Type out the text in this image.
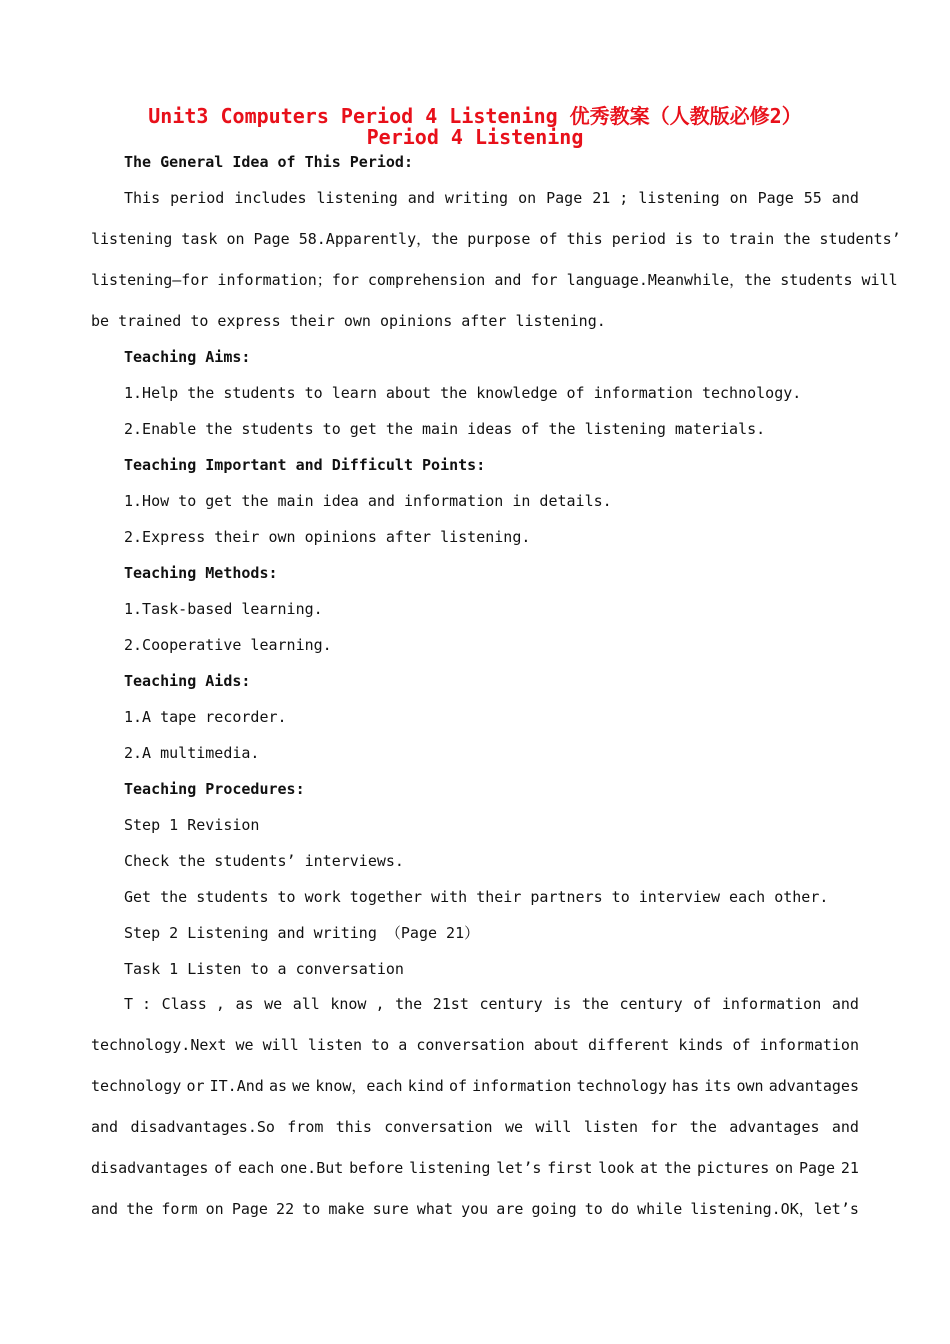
Unit3 Computers Period 4 Listening 优秀教案（人教版必修2）
Period 4 Listening
The General Idea of This Period:
This period includes listening and writing on Page 21 ; listening on Page 55 and
listening task on Page 58.Apparently，the purpose of this period is to train the students’
listening—for information；for comprehension and for language.Meanwhile，the students will
be trained to express their own opinions after listening.
Teaching Aims:
1.Help the students to learn about the knowledge of information technology.
2.Enable the students to get the main ideas of the listening materials.
Teaching Important and Difficult Points:
1.How to get the main idea and information in details.
2.Express their own opinions after listening.
Teaching Methods:
1.Task-based learning.
2.Cooperative learning.
Teaching Aids:
1.A tape recorder.
2.A multimedia.
Teaching Procedures:
Step 1 Revision
Check the students’ interviews.
Get the students to work together with their partners to interview each other.
Step 2 Listening and writing （Page 21）
Task 1 Listen to a conversation
T : Class , as we all know , the 21st century is the century of information and
technology.Next we will listen to a conversation about different kinds of information
technology or IT.And as we know，each kind of information technology has its own advantages
and disadvantages.So from this conversation we will listen for the advantages and
disadvantages of each one.But before listening let’s first look at the pictures on Page 21
and the form on Page 22 to make sure what you are going to do while listening.OK，let’s
